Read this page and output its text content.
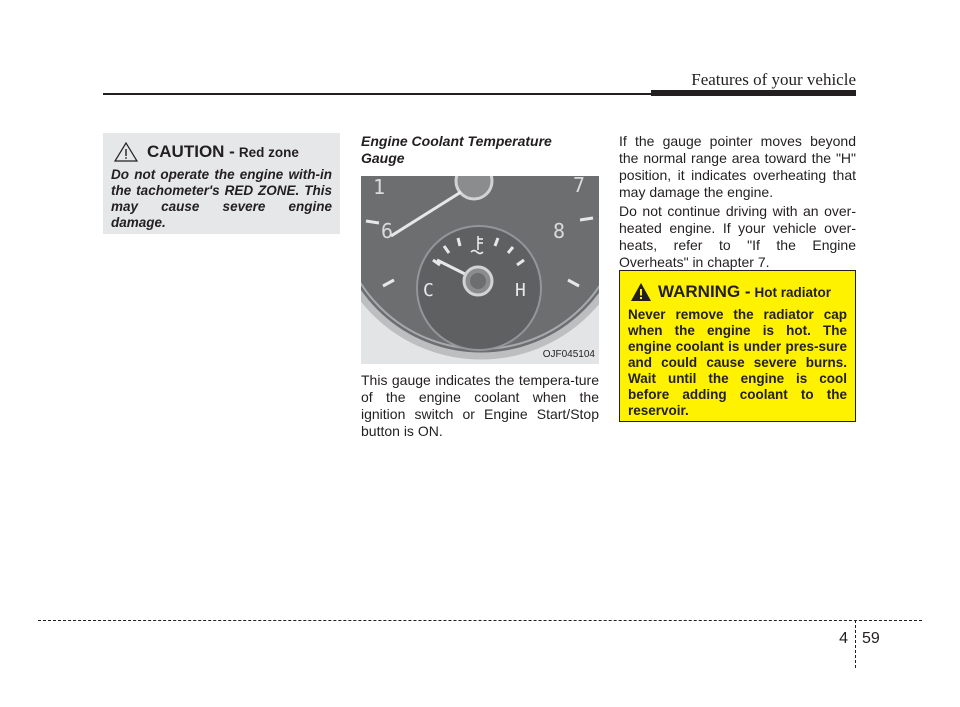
Features of your vehicle
CAUTION - Red zone

Do not operate the engine with-in the tachometer's RED ZONE. This may cause severe engine damage.

Engine Coolant Temperature Gauge
1	7
6	8
C	H
OJF045104

This gauge indicates the tempera-ture of the engine coolant when the ignition switch or Engine Start/Stop button is ON.

If the gauge pointer moves beyond the normal range area toward the "H" position, it indicates overheating that may damage the engine.

Do not continue driving with an over-heated engine. If your vehicle over-heats, refer to "If the Engine Overheats" in chapter 7.

WARNING - Hot radiator

Never remove the radiator cap when the engine is hot. The engine coolant is under pres-sure and could cause severe burns. Wait until the engine is cool before adding coolant to the reservoir.

4 59
